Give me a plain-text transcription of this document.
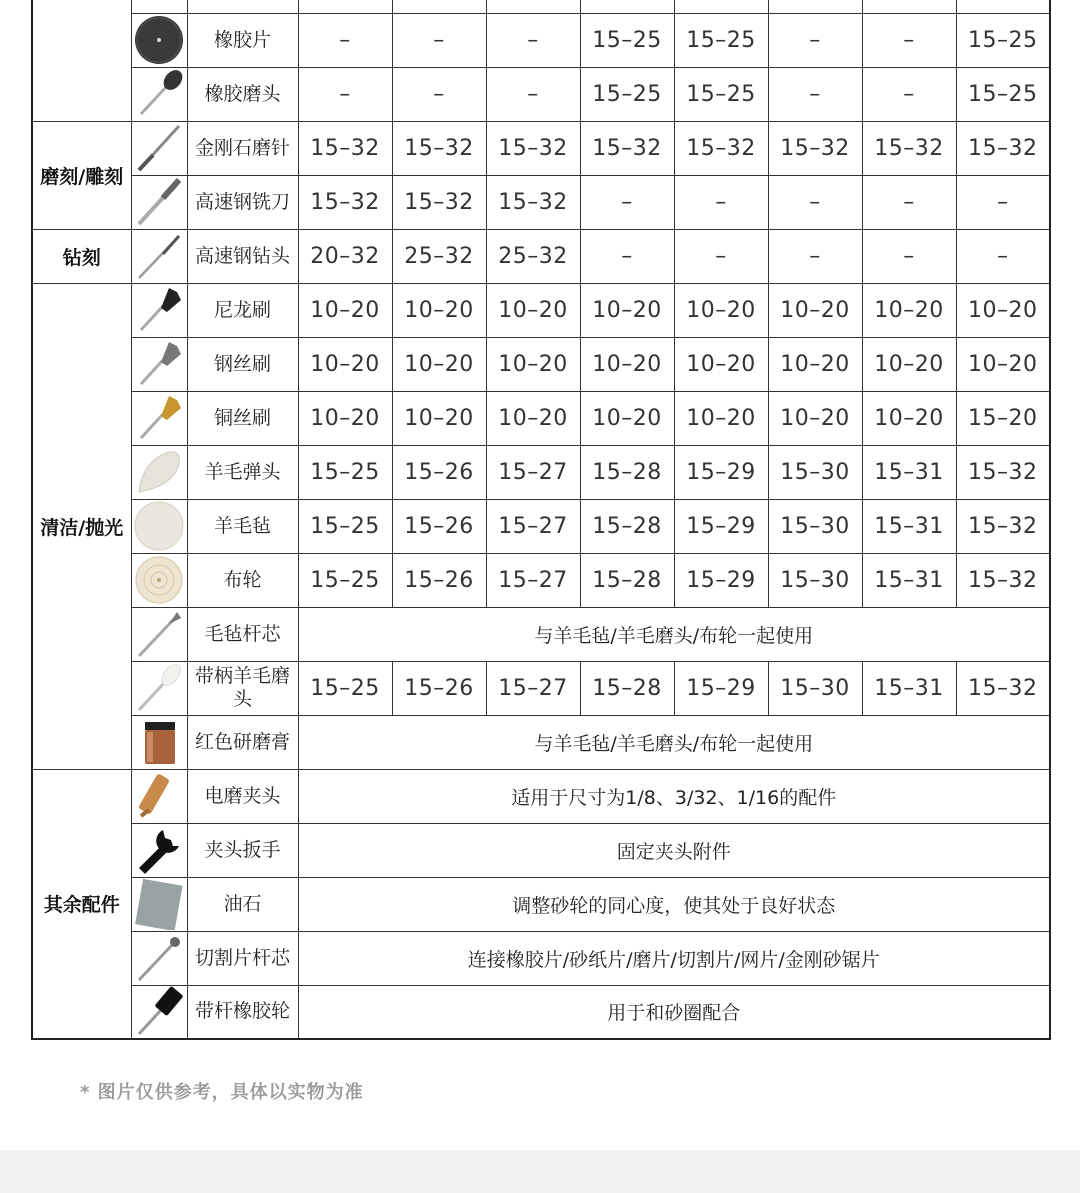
	橡胶片	–	–	–	15–25	15–25	–	–	15–25

	橡胶磨头	–	–	–	15–25	15–25	–	–	15–25
磨刻/雕刻		金刚石磨针	15–32	15–32	15–32	15–32	15–32	15–32	15–32	15–32

	高速钢铣刀	15–32	15–32	15–32	–	–	–	–	–
钻刻		高速钢钻头	20–32	25–32	25–32	–	–	–	–	–
清洁/抛光		尼龙刷	10–20	10–20	10–20	10–20	10–20	10–20	10–20	10–20

	钢丝刷	10–20	10–20	10–20	10–20	10–20	10–20	10–20	10–20

	铜丝刷	10–20	10–20	10–20	10–20	10–20	10–20	10–20	15–20

	羊毛弹头	15–25	15–26	15–27	15–28	15–29	15–30	15–31	15–32

	羊毛毡	15–25	15–26	15–27	15–28	15–29	15–30	15–31	15–32

	布轮	15–25	15–26	15–27	15–28	15–29	15–30	15–31	15–32

	毛毡杆芯	与羊毛毡/羊毛磨头/布轮一起使用							

	带柄羊毛磨头	15–25	15–26	15–27	15–28	15–29	15–30	15–31	15–32

	红色研磨膏	与羊毛毡/羊毛磨头/布轮一起使用							
其余配件		电磨夹头	适用于尺寸为1/8、3/32、1/16的配件							

	夹头扳手	固定夹头附件							

	油石	调整砂轮的同心度，使其处于良好状态							

	切割片杆芯	连接橡胶片/砂纸片/磨片/切割片/网片/金刚砂锯片							

	带杆橡胶轮	用于和砂圈配合							
* 图片仅供参考，具体以实物为准
